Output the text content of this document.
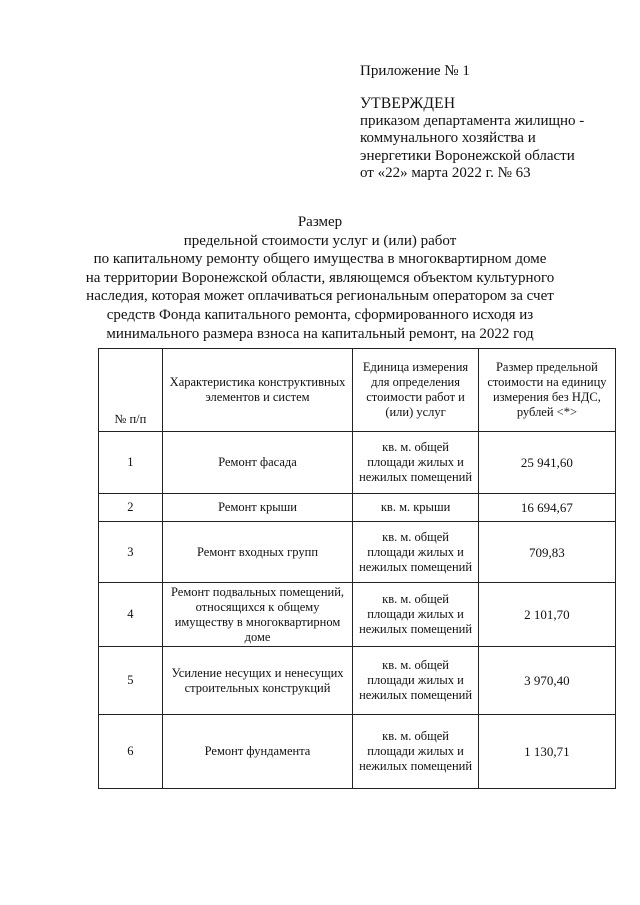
Приложение № 1
УТВЕРЖДЕН
приказом департамента жилищно -
коммунального хозяйства и
энергетики Воронежской области
от «22» марта 2022 г. № 63
Размер
предельной стоимости услуг и (или) работ
по капитальному ремонту общего имущества в многоквартирном доме
на территории Воронежской области, являющемся объектом культурного
наследия, которая может оплачиваться региональным оператором за счет
средств Фонда капитального ремонта, сформированного исходя из
минимального размера взноса на капитальный ремонт, на 2022 год
№ п/п	Характеристика конструктивных элементов и систем	Единица измерения для определения стоимости работ и (или) услуг	Размер предельной стоимости на единицу измерения без НДС, рублей <*>
1	Ремонт фасада	кв. м. общей площади жилых и нежилых помещений	25 941,60
2	Ремонт крыши	кв. м. крыши	16 694,67
3	Ремонт входных групп	кв. м. общей площади жилых и нежилых помещений	709,83
4	Ремонт подвальных помещений, относящихся к общему имуществу в многоквартирном доме	кв. м. общей площади жилых и нежилых помещений	2 101,70
5	Усиление несущих и ненесущих строительных конструкций	кв. м. общей площади жилых и нежилых помещений	3 970,40
6	Ремонт фундамента	кв. м. общей площади жилых и нежилых помещений	1 130,71
